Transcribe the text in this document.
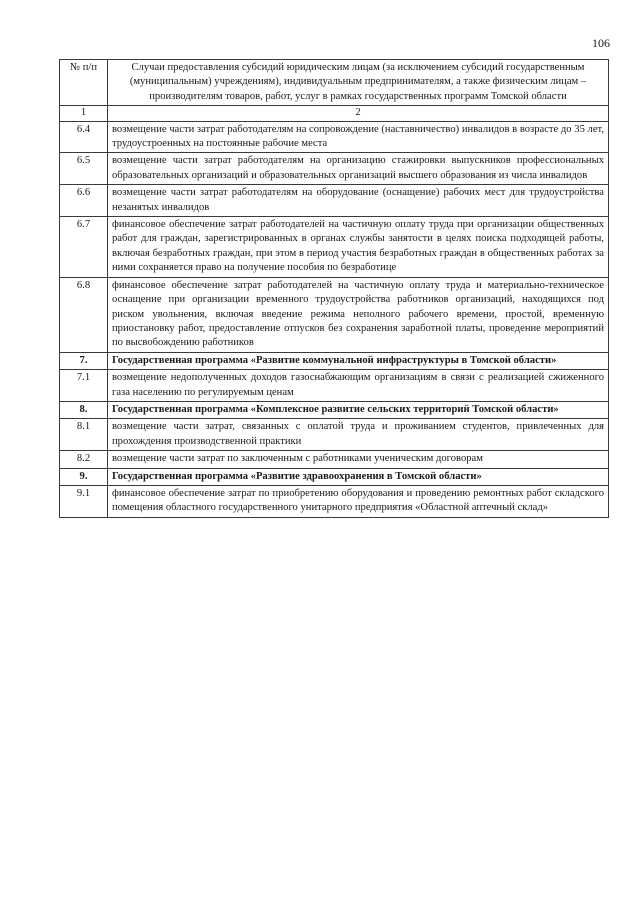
106
№ п/п	Случаи предоставления субсидий юридическим лицам (за исключением субсидий государственным (муниципальным) учреждениям), индивидуальным предпринимателям, а также физическим лицам – производителям товаров, работ, услуг в рамках государственных программ Томской области
1	2
6.4	возмещение части затрат работодателям на сопровождение (наставничество) инвалидов в возрасте до 35 лет, трудоустроенных на постоянные рабочие места
6.5	возмещение части затрат работодателям на организацию стажировки выпускников профессиональных образовательных организаций и образовательных организаций высшего образования из числа инвалидов
6.6	возмещение части затрат работодателям на оборудование (оснащение) рабочих мест для трудоустройства незанятых инвалидов
6.7	финансовое обеспечение затрат работодателей на частичную оплату труда при организации общественных работ для граждан, зарегистрированных в органах службы занятости в целях поиска подходящей работы, включая безработных граждан, при этом в период участия безработных граждан в общественных работах за ними сохраняется право на получение пособия по безработице
6.8	финансовое обеспечение затрат работодателей на частичную оплату труда и материально-техническое оснащение при организации временного трудоустройства работников организаций, находящихся под риском увольнения, включая введение режима неполного рабочего времени, простой, временную приостановку работ, предоставление отпусков без сохранения заработной платы, проведение мероприятий по высвобождению работников
7.	Государственная программа «Развитие коммунальной инфраструктуры в Томской области»
7.1	возмещение недополученных доходов газоснабжающим организациям в связи с реализацией сжиженного газа населению по регулируемым ценам
8.	Государственная программа «Комплексное развитие сельских территорий Томской области»
8.1	возмещение части затрат, связанных с оплатой труда и проживанием студентов, привлеченных для прохождения производственной практики
8.2	возмещение части затрат по заключенным с работниками ученическим договорам
9.	Государственная программа «Развитие здравоохранения в Томской области»
9.1	финансовое обеспечение затрат по приобретению оборудования и проведению ремонтных работ складского помещения областного государственного унитарного предприятия «Областной аптечный склад»
